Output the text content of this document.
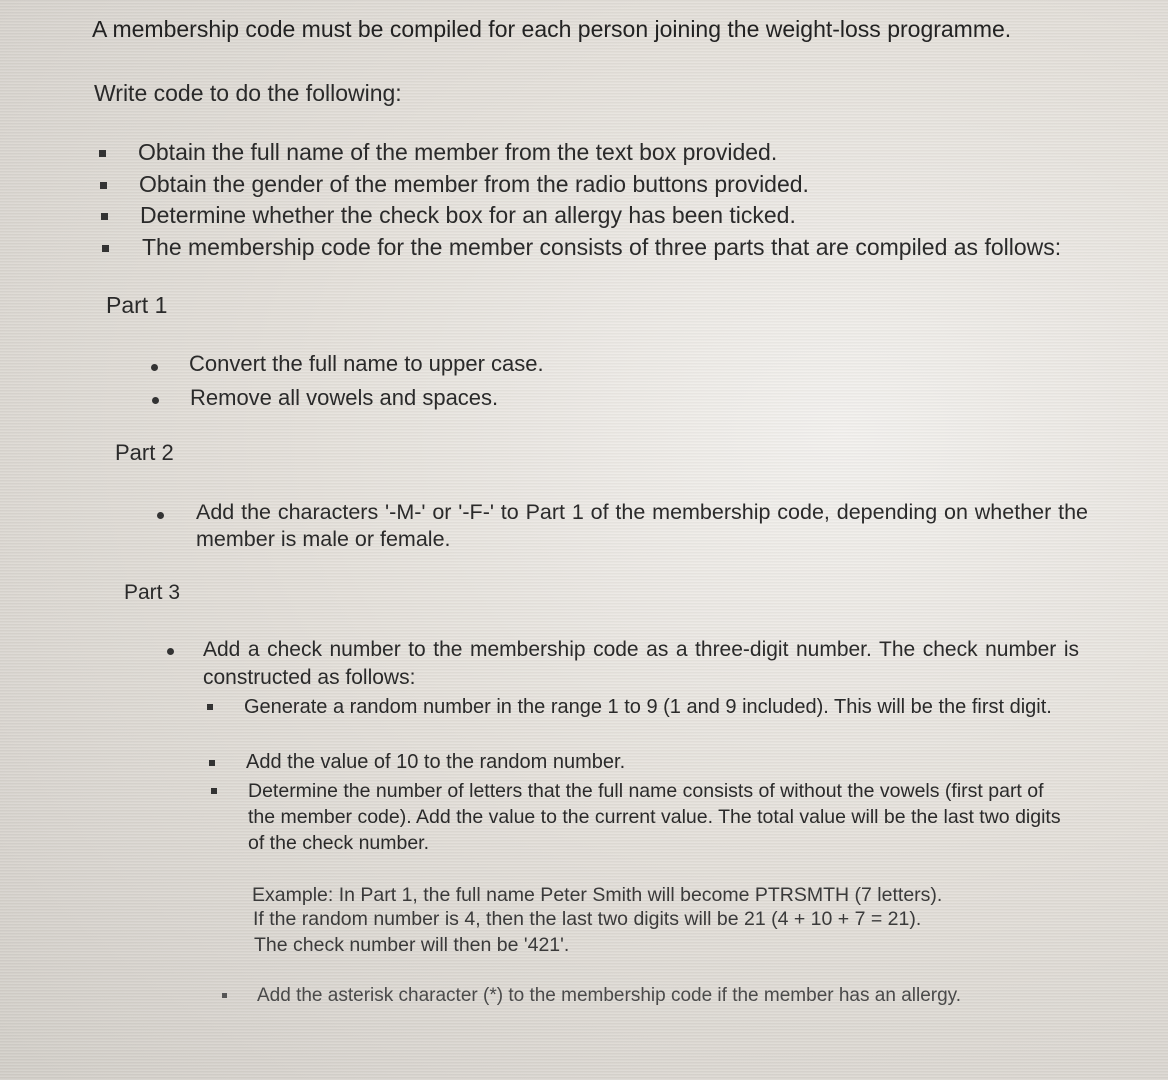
A membership code must be compiled for each person joining the weight-loss programme.

Write code to do the following:

Obtain the full name of the member from the text box provided.

Obtain the gender of the member from the radio buttons provided.

Determine whether the check box for an allergy has been ticked.

The membership code for the member consists of three parts that are compiled as follows:

Part 1

Convert the full name to upper case.

Remove all vowels and spaces.

Part 2

Add the characters '-M-' or '-F-' to Part 1 of the membership code, depending on whether the member is male or female.

Part 3

Add a check number to the membership code as a three-digit number. The check number is constructed as follows:

Generate a random number in the range 1 to 9 (1 and 9 included). This will be the first digit.

Add the value of 10 to the random number.

Determine the number of letters that the full name consists of without the vowels (first part of the member code). Add the value to the current value. The total value will be the last two digits of the check number.

Example: In Part 1, the full name Peter Smith will become PTRSMTH (7 letters).

If the random number is 4, then the last two digits will be 21 (4 + 10 + 7 = 21).

The check number will then be '421'.

Add the asterisk character (*) to the membership code if the member has an allergy.
